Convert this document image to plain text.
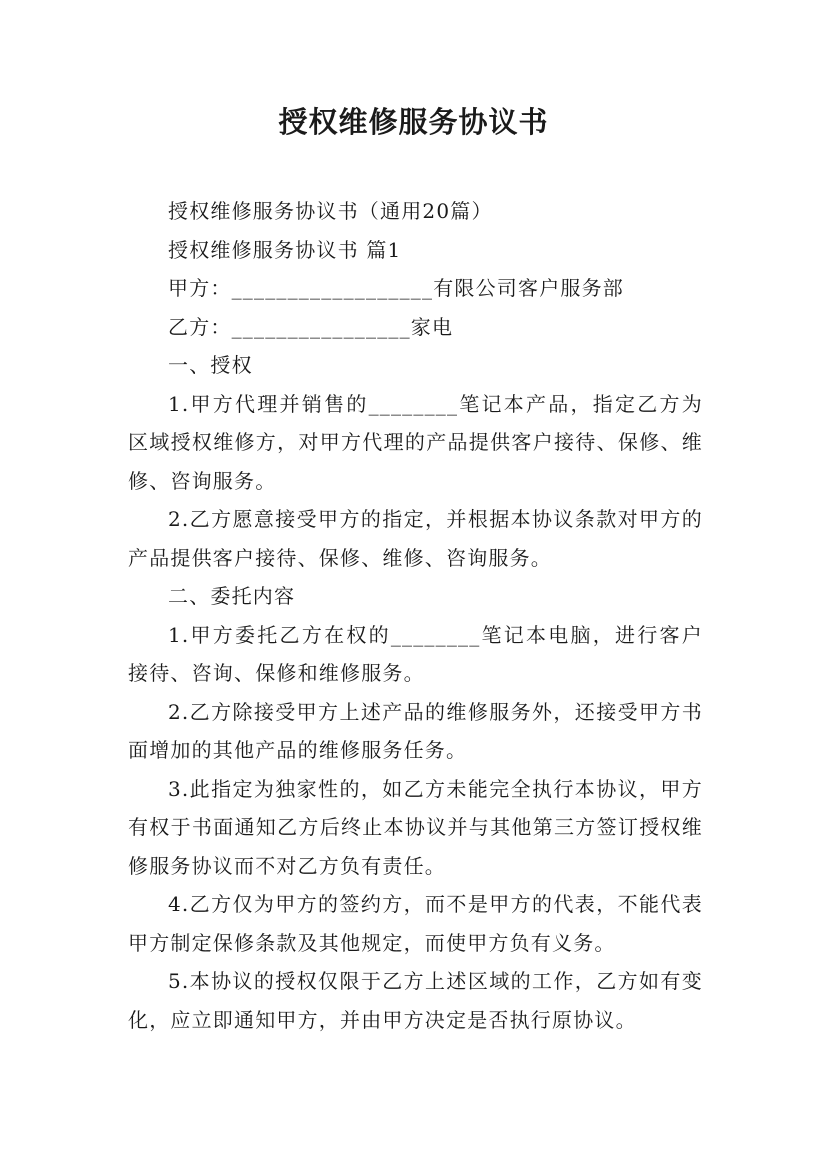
授权维修服务协议书

授权维修服务协议书（通用20篇）

授权维修服务协议书 篇1

甲方：__________________有限公司客户服务部

乙方：________________家电

一、授权

1.甲方代理并销售的________笔记本产品，指定乙方为区域授权维修方，对甲方代理的产品提供客户接待、保修、维修、咨询服务。

2.乙方愿意接受甲方的指定，并根据本协议条款对甲方的产品提供客户接待、保修、维修、咨询服务。

二、委托内容

1.甲方委托乙方在权的________笔记本电脑，进行客户接待、咨询、保修和维修服务。

2.乙方除接受甲方上述产品的维修服务外，还接受甲方书面增加的其他产品的维修服务任务。

3.此指定为独家性的，如乙方未能完全执行本协议，甲方有权于书面通知乙方后终止本协议并与其他第三方签订授权维修服务协议而不对乙方负有责任。

4.乙方仅为甲方的签约方，而不是甲方的代表，不能代表甲方制定保修条款及其他规定，而使甲方负有义务。

5.本协议的授权仅限于乙方上述区域的工作，乙方如有变化，应立即通知甲方，并由甲方决定是否执行原协议。
